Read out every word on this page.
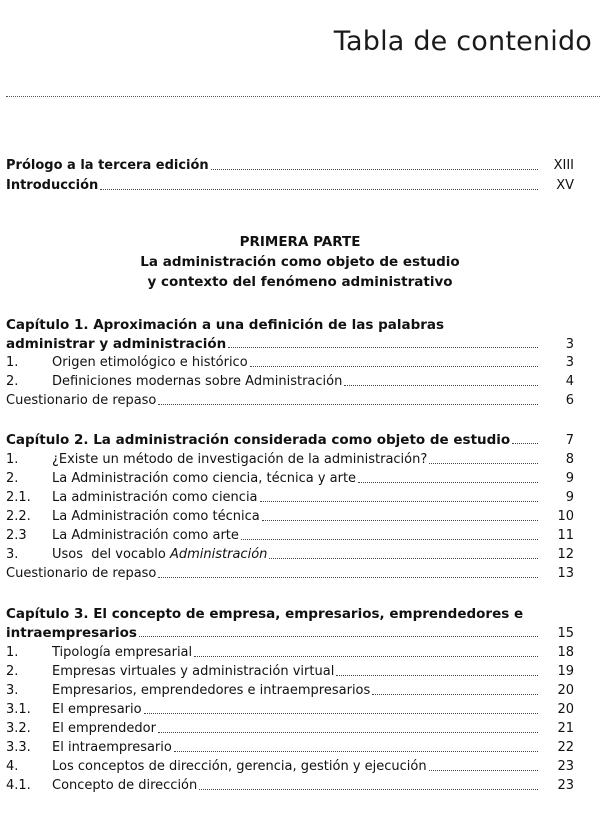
Tabla de contenido
Prólogo a la tercera edición	XIII
Introducción	XV
PRIMERA PARTE
La administración como objeto de estudio
y contexto del fenómeno administrativo
Capítulo 1. Aproximación a una definición de las palabras
administrar y administración	3
1.	Origen etimológico e histórico	3
2.	Definiciones modernas sobre Administración	4
Cuestionario de repaso	6
Capítulo 2. La administración considerada como objeto de estudio	7
1.	¿Existe un método de investigación de la administración?	8
2.	La Administración como ciencia, técnica y arte	9
2.1.	La administración como ciencia	9
2.2.	La Administración como técnica	10
2.3	La Administración como arte	11
3.	Usos  del vocablo Administración	12
Cuestionario de repaso	13
Capítulo 3. El concepto de empresa, empresarios, emprendedores e
intraempresarios	15
1.	Tipología empresarial	18
2.	Empresas virtuales y administración virtual	19
3.	Empresarios, emprendedores e intraempresarios	20
3.1.	El empresario	20
3.2.	El emprendedor	21
3.3.	El intraempresario	22
4.	Los conceptos de dirección, gerencia, gestión y ejecución	23
4.1.	Concepto de dirección	23
